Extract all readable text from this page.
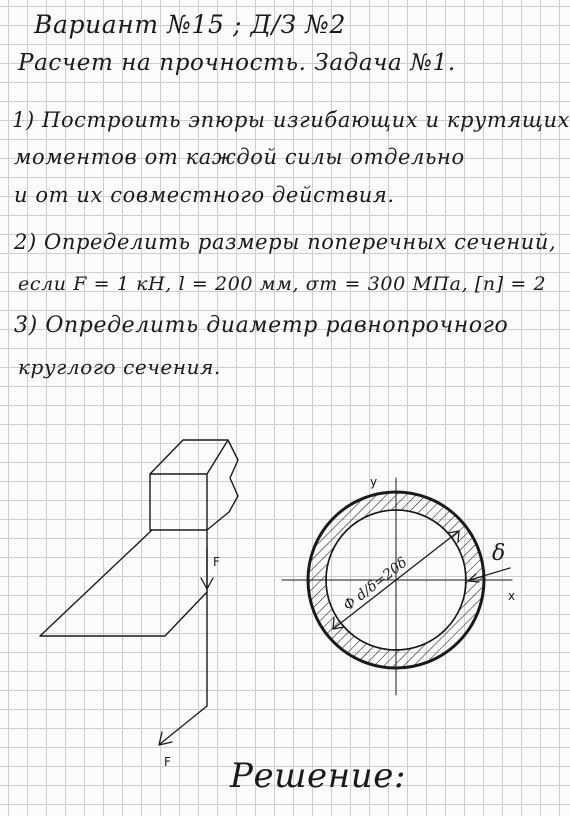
Вариант №15 ; Д/З №2

Расчет на прочность. Задача №1.

1) Построить эпюры изгибающих и крутящих

моментов от каждой силы отдельно

и от их совместного действия.

2) Определить размеры поперечных сечений,

если F = 1 кН, l = 200 мм, σт = 300 МПа, [n] = 2

3) Определить диаметр равнопрочного

круглого сечения.

F
F
y
x
Ф d/δ=20δ
δ

Решение:
